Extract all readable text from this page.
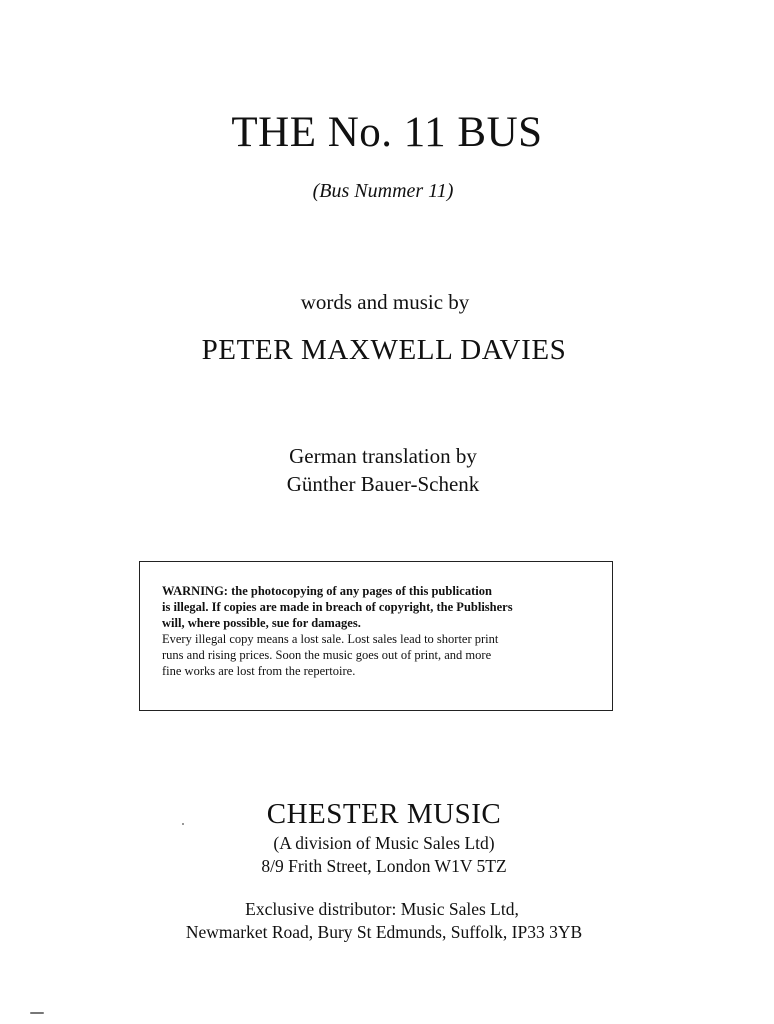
THE No. 11 BUS
(Bus Nummer 11)
words and music by
PETER MAXWELL DAVIES
German translation by
Günther Bauer-Schenk
WARNING: the photocopying of any pages of this publication
is illegal. If copies are made in breach of copyright, the Publishers
will, where possible, sue for damages.
Every illegal copy means a lost sale. Lost sales lead to shorter print
runs and rising prices. Soon the music goes out of print, and more
fine works are lost from the repertoire.
CHESTER MUSIC
(A division of Music Sales Ltd)
8/9 Frith Street, London W1V 5TZ
Exclusive distributor: Music Sales Ltd,
Newmarket Road, Bury St Edmunds, Suffolk, IP33 3YB
